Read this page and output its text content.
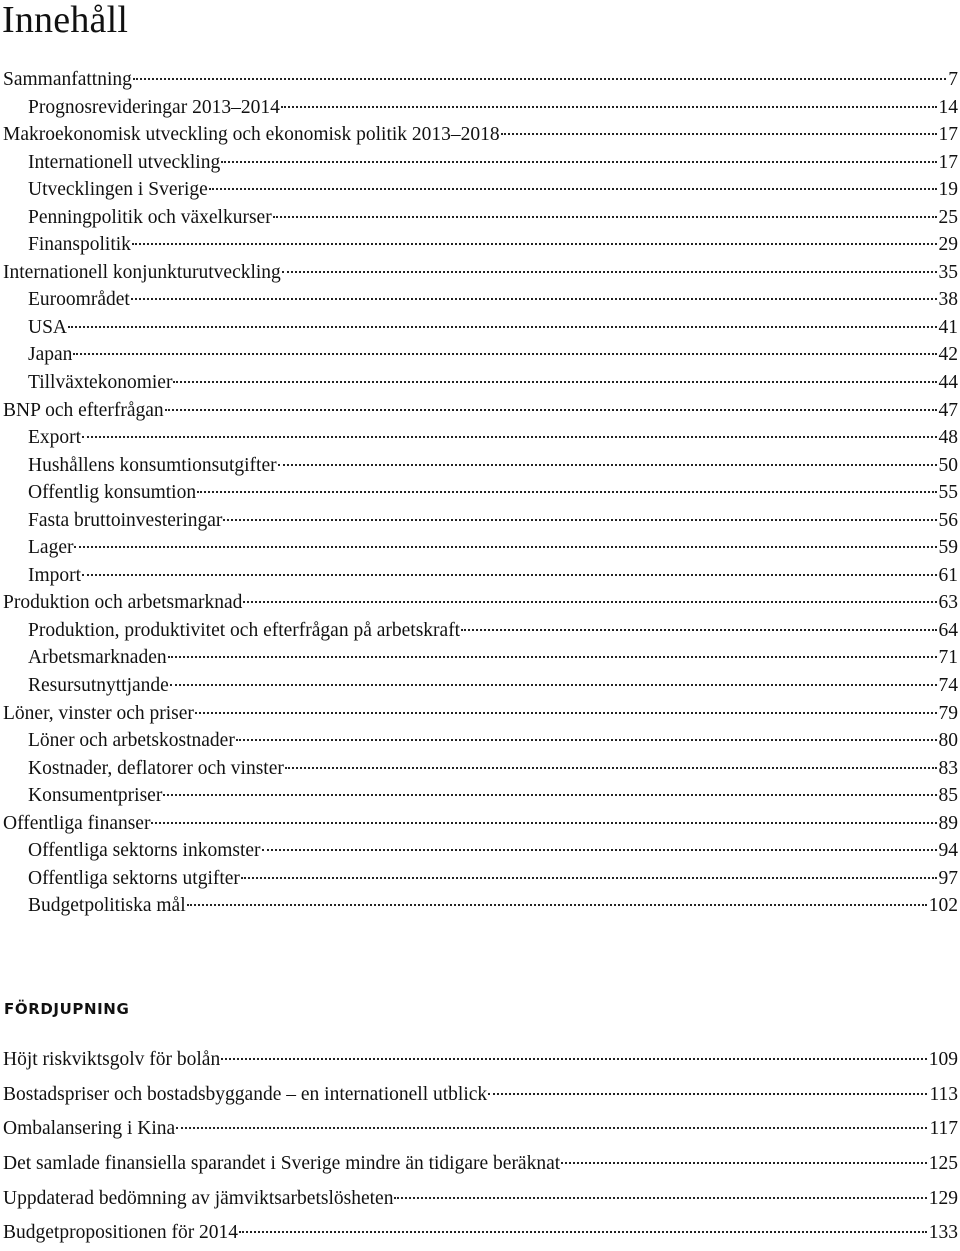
Innehåll
Sammanfattning	7
Prognosrevideringar 2013–2014	14
Makroekonomisk utveckling och ekonomisk politik 2013–2018	17
Internationell utveckling	17
Utvecklingen i Sverige	19
Penningpolitik och växelkurser	25
Finanspolitik	29
Internationell konjunkturutveckling	35
Euroområdet	38
USA	41
Japan	42
Tillväxtekonomier	44
BNP och efterfrågan	47
Export	48
Hushållens konsumtionsutgifter	50
Offentlig konsumtion	55
Fasta bruttoinvesteringar	56
Lager	59
Import	61
Produktion och arbetsmarknad	63
Produktion, produktivitet och efterfrågan på arbetskraft	64
Arbetsmarknaden	71
Resursutnyttjande	74
Löner, vinster och priser	79
Löner och arbetskostnader	80
Kostnader, deflatorer och vinster	83
Konsumentpriser	85
Offentliga finanser	89
Offentliga sektorns inkomster	94
Offentliga sektorns utgifter	97
Budgetpolitiska mål	102
FÖRDJUPNING
Höjt riskviktsgolv för bolån	109
Bostadspriser och bostadsbyggande – en internationell utblick	113
Ombalansering i Kina	117
Det samlade finansiella sparandet i Sverige mindre än tidigare beräknat	125
Uppdaterad bedömning av jämviktsarbetslösheten	129
Budgetpropositionen för 2014	133
